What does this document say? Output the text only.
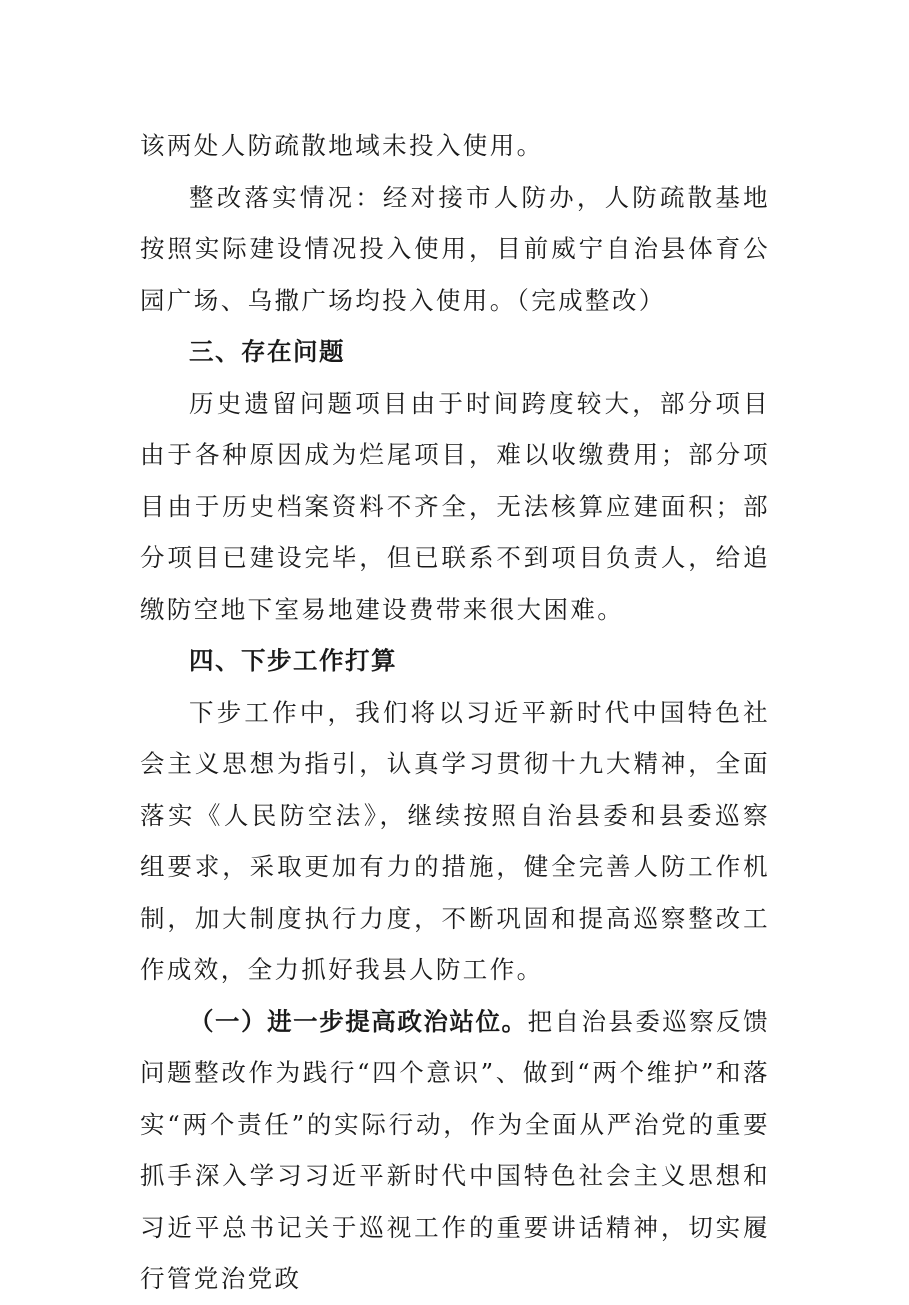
该两处人防疏散地域未投入使用。

整改落实情况：经对接市人防办，人防疏散基地按照实际建设情况投入使用，目前威宁自治县体育公园广场、乌撒广场均投入使用。（完成整改）

三、存在问题

历史遗留问题项目由于时间跨度较大，部分项目由于各种原因成为烂尾项目，难以收缴费用；部分项目由于历史档案资料不齐全，无法核算应建面积；部分项目已建设完毕，但已联系不到项目负责人，给追缴防空地下室易地建设费带来很大困难。

四、下步工作打算

下步工作中，我们将以习近平新时代中国特色社会主义思想为指引，认真学习贯彻十九大精神，全面落实《人民防空法》，继续按照自治县委和县委巡察组要求，采取更加有力的措施，健全完善人防工作机制，加大制度执行力度，不断巩固和提高巡察整改工作成效，全力抓好我县人防工作。

（一）进一步提高政治站位。把自治县委巡察反馈问题整改作为践行“四个意识”、做到“两个维护”和落实“两个责任”的实际行动，作为全面从严治党的重要抓手深入学习习近平新时代中国特色社会主义思想和习近平总书记关于巡视工作的重要讲话精神，切实履行管党治党政
